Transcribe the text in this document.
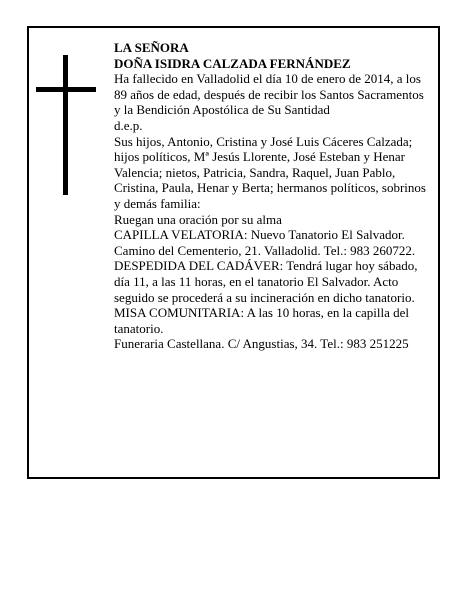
LA SEÑORA

DOÑA ISIDRA CALZADA FERNÁNDEZ

Ha fallecido en Valladolid el día 10 de enero de 2014, a los 89 años de edad, después de recibir los Santos Sacramentos y la Bendición Apostólica de Su Santidad

d.e.p.

Sus hijos, Antonio, Cristina y José Luis Cáceres Calzada; hijos políticos, Mª Jesús Llorente, José Esteban y Henar Valencia; nietos, Patricia, Sandra, Raquel, Juan Pablo, Cristina, Paula, Henar y Berta; hermanos políticos, sobrinos y demás familia:

Ruegan una oración por su alma

CAPILLA VELATORIA: Nuevo Tanatorio El Salvador. Camino del Cementerio, 21. Valladolid. Tel.: 983 260722.

DESPEDIDA DEL CADÁVER: Tendrá lugar hoy sábado, día 11, a las 11 horas, en el tanatorio El Salvador. Acto seguido se procederá a su incineración en dicho tanatorio.

MISA COMUNITARIA: A las 10 horas, en la capilla del tanatorio.

Funeraria Castellana. C/ Angustias, 34. Tel.: 983 251225
